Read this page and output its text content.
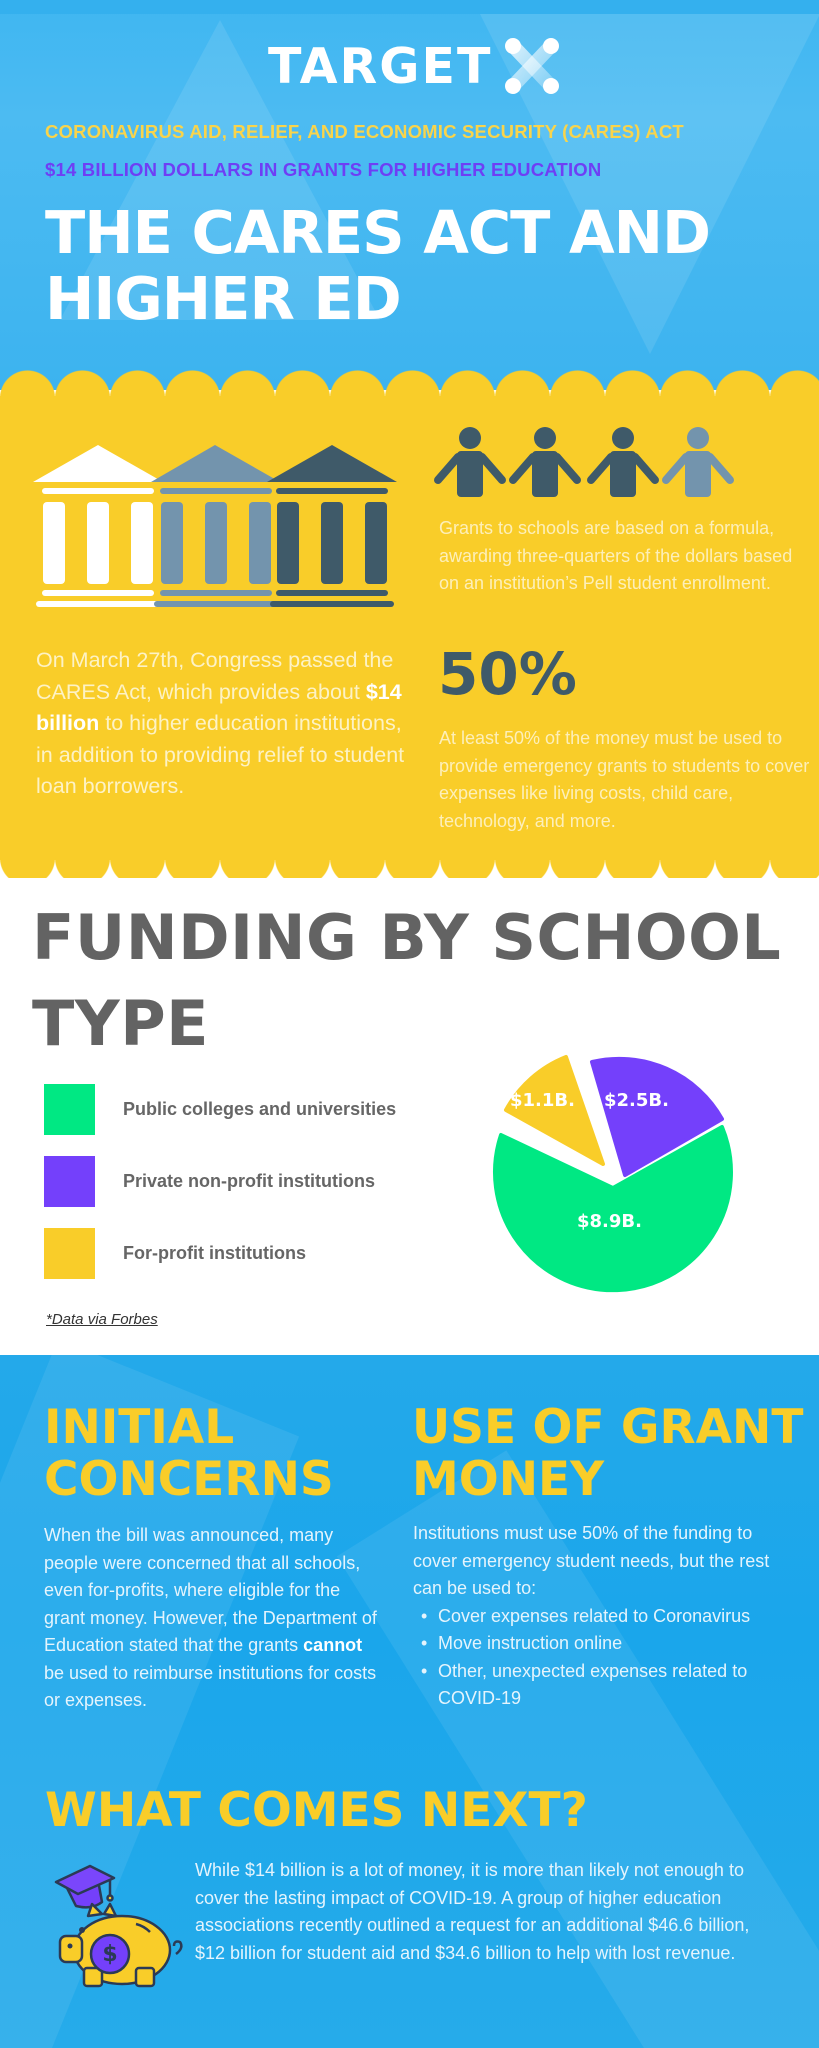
TARGET
CORONAVIRUS AID, RELIEF, AND ECONOMIC SECURITY (CARES) ACT
$14 BILLION DOLLARS IN GRANTS FOR HIGHER EDUCATION
THE CARES ACT AND
HIGHER ED

Grants to schools are based on a formula, awarding three-quarters of the dollars based on an institution’s Pell student enrollment.

On March 27th, Congress passed the CARES Act, which provides about $14 billion to higher education institutions, in addition to providing relief to student loan borrowers.

50%

At least 50% of the money must be used to provide emergency grants to students to cover expenses like living costs, child care, technology, and more.

FUNDING BY SCHOOL
TYPE
Public colleges and universities
Private non-profit institutions
For-profit institutions
*Data via Forbes
$1.1B. $2.5B.
$8.9B.
INITIAL
CONCERNS

When the bill was announced, many people were concerned that all schools, even for-profits, where eligible for the grant money. However, the Department of Education stated that the grants cannot be used to reimburse institutions for costs or expenses.

USE OF GRANT
MONEY

Institutions must use 50% of the funding to cover emergency student needs, but the rest can be used to:

• Cover expenses related to Coronavirus
• Move instruction online
• Other, unexpected expenses related to COVID-19
WHAT COMES NEXT?
$

While $14 billion is a lot of money, it is more than likely not enough to cover the lasting impact of COVID-19. A group of higher education associations recently outlined a request for an additional $46.6 billion, $12 billion for student aid and $34.6 billion to help with lost revenue.
